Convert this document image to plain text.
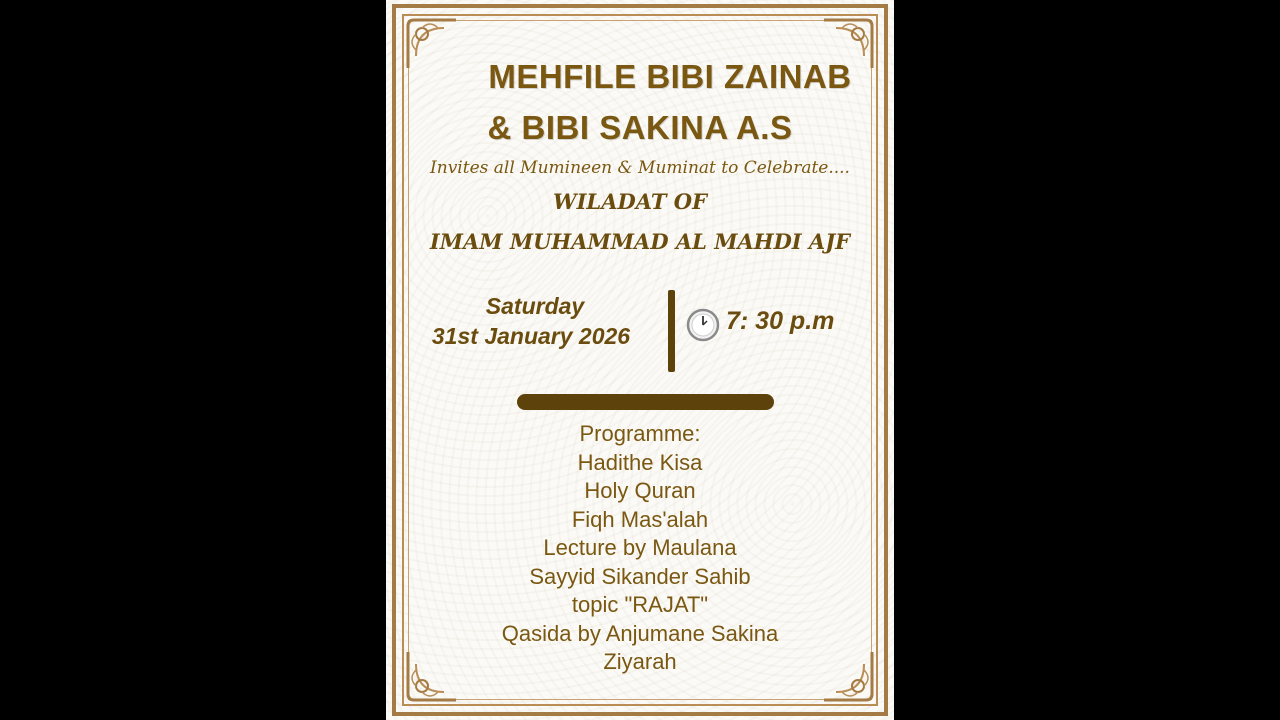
MEHFILE BIBI ZAINAB
& BIBI SAKINA A.S
Invites all Mumineen & Muminat to Celebrate....
WILADAT OF
IMAM MUHAMMAD AL MAHDI AJF
Saturday
31st January 2026
7: 30 p.m
Programme:
Hadithe Kisa
Holy Quran
Fiqh Mas'alah
Lecture by Maulana
Sayyid Sikander Sahib
topic "RAJAT"
Qasida by Anjumane Sakina
Ziyarah
